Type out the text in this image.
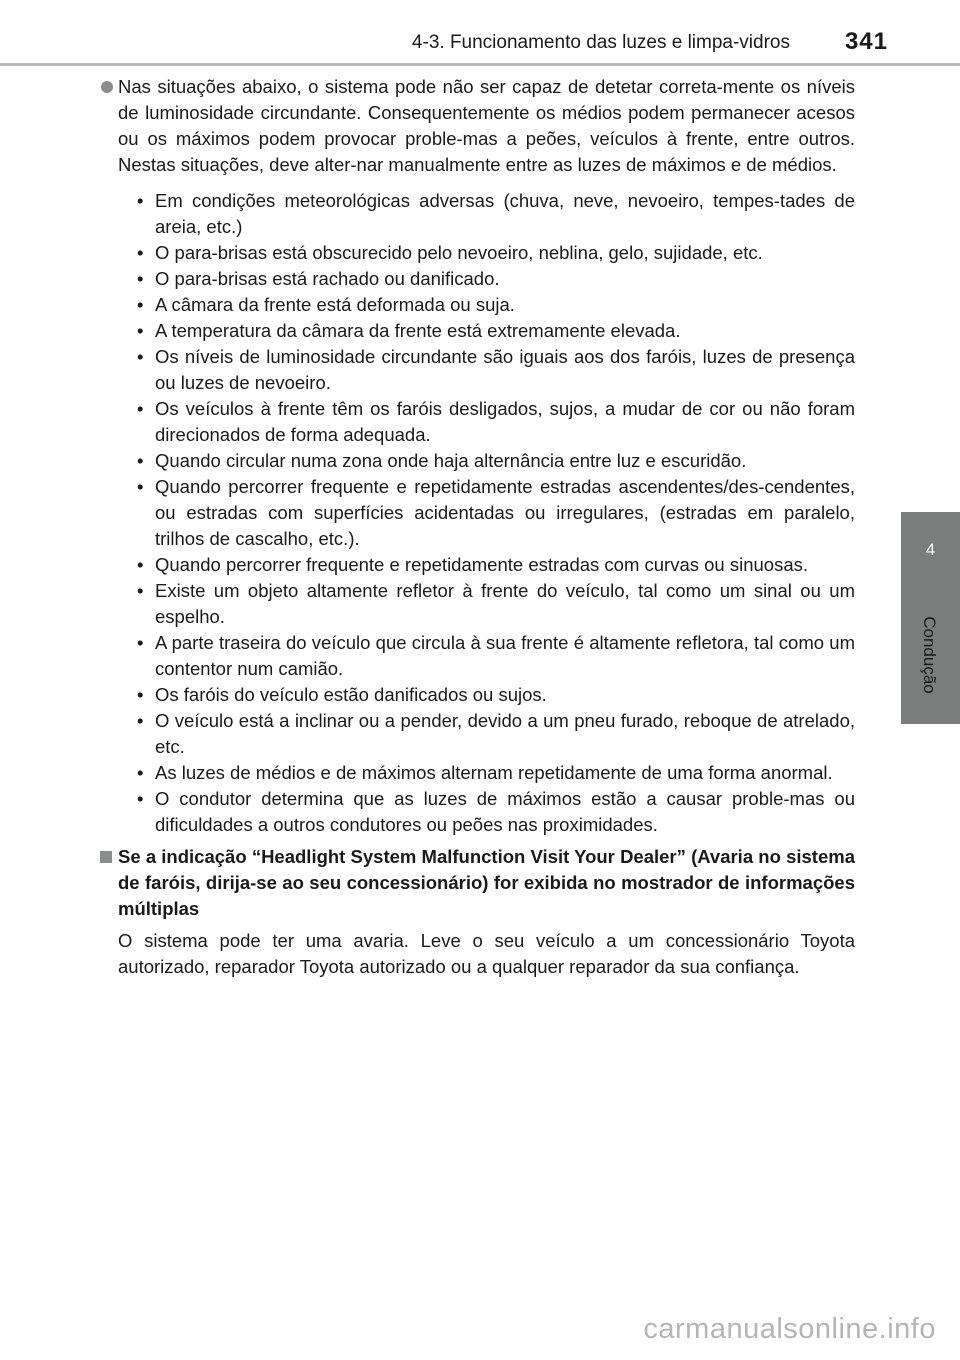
4-3. Funcionamento das luzes e limpa-vidros 341
4
Condução
Nas situações abaixo, o sistema pode não ser capaz de detetar correta-mente os níveis de luminosidade circundante. Consequentemente os médios podem permanecer acesos ou os máximos podem provocar proble-mas a peões, veículos à frente, entre outros. Nestas situações, deve alter-nar manualmente entre as luzes de máximos e de médios.
• Em condições meteorológicas adversas (chuva, neve, nevoeiro, tempes-tades de areia, etc.)
• O para-brisas está obscurecido pelo nevoeiro, neblina, gelo, sujidade, etc.
• O para-brisas está rachado ou danificado.
• A câmara da frente está deformada ou suja.
• A temperatura da câmara da frente está extremamente elevada.
• Os níveis de luminosidade circundante são iguais aos dos faróis, luzes de presença ou luzes de nevoeiro.
• Os veículos à frente têm os faróis desligados, sujos, a mudar de cor ou não foram direcionados de forma adequada.
• Quando circular numa zona onde haja alternância entre luz e escuridão.
• Quando percorrer frequente e repetidamente estradas ascendentes/des-cendentes, ou estradas com superfícies acidentadas ou irregulares, (estradas em paralelo, trilhos de cascalho, etc.).
• Quando percorrer frequente e repetidamente estradas com curvas ou sinuosas.
• Existe um objeto altamente refletor à frente do veículo, tal como um sinal ou um espelho.
• A parte traseira do veículo que circula à sua frente é altamente refletora, tal como um contentor num camião.
• Os faróis do veículo estão danificados ou sujos.
• O veículo está a inclinar ou a pender, devido a um pneu furado, reboque de atrelado, etc.
• As luzes de médios e de máximos alternam repetidamente de uma forma anormal.
• O condutor determina que as luzes de máximos estão a causar proble-mas ou dificuldades a outros condutores ou peões nas proximidades.
Se a indicação “Headlight System Malfunction Visit Your Dealer” (Avaria no sistema de faróis, dirija-se ao seu concessionário) for exibida no mostrador de informações múltiplas
O sistema pode ter uma avaria. Leve o seu veículo a um concessionário Toyota autorizado, reparador Toyota autorizado ou a qualquer reparador da sua confiança.
carmanualsonline.info
